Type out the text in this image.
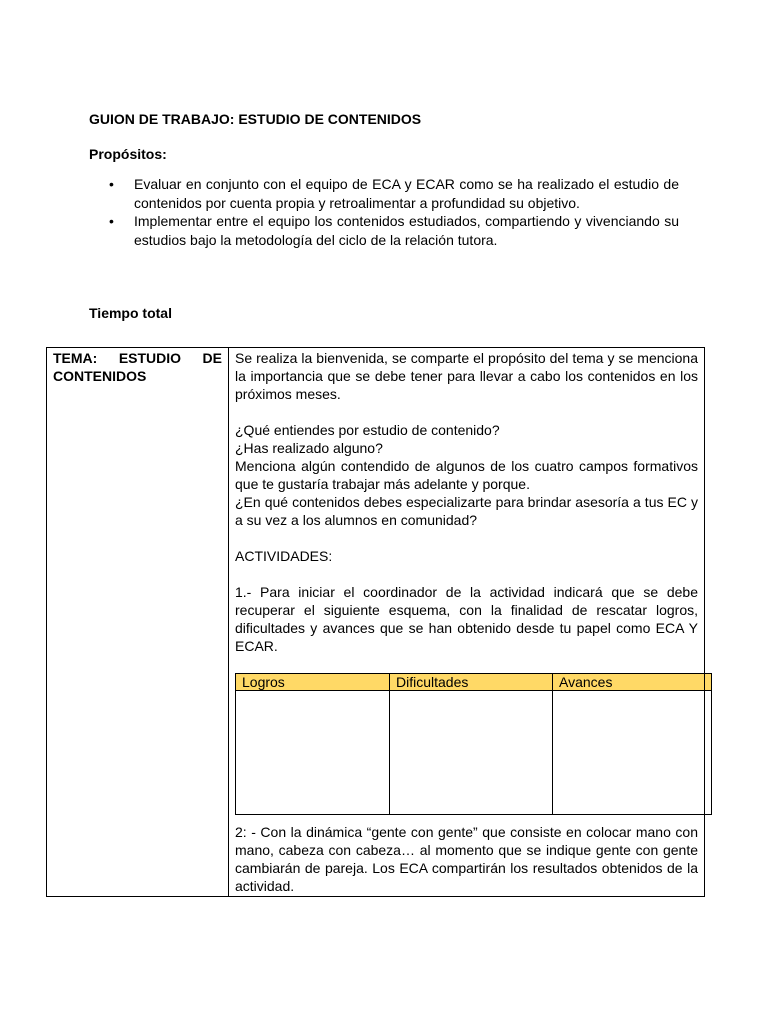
GUION DE TRABAJO: ESTUDIO DE CONTENIDOS
Propósitos:
• Evaluar en conjunto con el equipo de ECA y ECAR como se ha realizado el estudio de contenidos por cuenta propia y retroalimentar a profundidad su objetivo.
• Implementar entre el equipo los contenidos estudiados, compartiendo y vivenciando su estudios bajo la metodología del ciclo de la relación tutora.
Tiempo total
TEMA: ESTUDIO DE CONTENIDOS	

Se realiza la bienvenida, se comparte el propósito del tema y se menciona la importancia que se debe tener para llevar a cabo los contenidos en los próximos meses.

¿Qué entiendes por estudio de contenido?

¿Has realizado alguno?

Menciona algún contendido de algunos de los cuatro campos formativos que te gustaría trabajar más adelante y porque.

¿En qué contenidos debes especializarte para brindar asesoría a tus EC y a su vez a los alumnos en comunidad?

ACTIVIDADES:

1.- Para iniciar el coordinador de la actividad indicará que se debe recuperar el siguiente esquema, con la finalidad de rescatar logros, dificultades y avances que se han obtenido desde tu papel como ECA Y ECAR.

Logros	Dificultades	Avances

2: - Con la dinámica “gente con gente” que consiste en colocar mano con mano, cabeza con cabeza… al momento que se indique gente con gente cambiarán de pareja. Los ECA compartirán los resultados obtenidos de la actividad.
